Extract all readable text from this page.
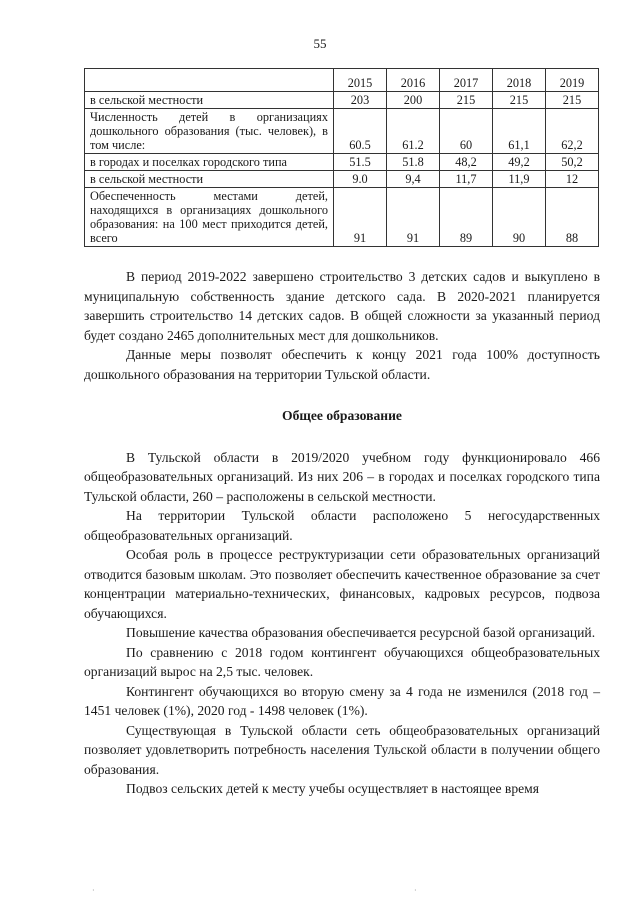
55
	2015	2016	2017	2018	2019
в сельской местности	203	200	215	215	215
Численность детей в организациях дошкольного образования (тыс. человек), в том числе:	60.5	61.2	60	61,1	62,2
в городах и поселках городского типа	51.5	51.8	48,2	49,2	50,2
в сельской местности	9.0	9,4	11,7	11,9	12
Обеспеченность местами детей, находящихся в организациях дошкольного образования: на 100 мест приходится детей, всего	91	91	89	90	88

В период 2019-2022 завершено строительство 3 детских садов и выкуплено в муниципальную собственность здание детского сада. В 2020-2021 планируется завершить строительство 14 детских садов. В общей сложности за указанный период будет создано 2465 дополнительных мест для дошкольников.

Данные меры позволят обеспечить к концу 2021 года 100% доступность дошкольного образования на территории Тульской области.

Общее образование

В Тульской области в 2019/2020 учебном году функционировало 466 общеобразовательных организаций. Из них 206 – в городах и поселках городского типа Тульской области, 260 – расположены в сельской местности.

На территории Тульской области расположено 5 негосударственных общеобразовательных организаций.

Особая роль в процессе реструктуризации сети образовательных организаций отводится базовым школам. Это позволяет обеспечить качественное образование за счет концентрации материально-технических, финансовых, кадровых ресурсов, подвоза обучающихся.

Повышение качества образования обеспечивается ресурсной базой организаций.

По сравнению с 2018 годом контингент обучающихся общеобразовательных организаций вырос на 2,5 тыс. человек.

Контингент обучающихся во вторую смену за 4 года не изменился (2018 год – 1451 человек (1%), 2020 год - 1498 человек (1%).

Существующая в Тульской области сеть общеобразовательных организаций позволяет удовлетворить потребность населения Тульской области в получении общего образования.

Подвоз сельских детей к месту учебы осуществляет в настоящее время

·	·
